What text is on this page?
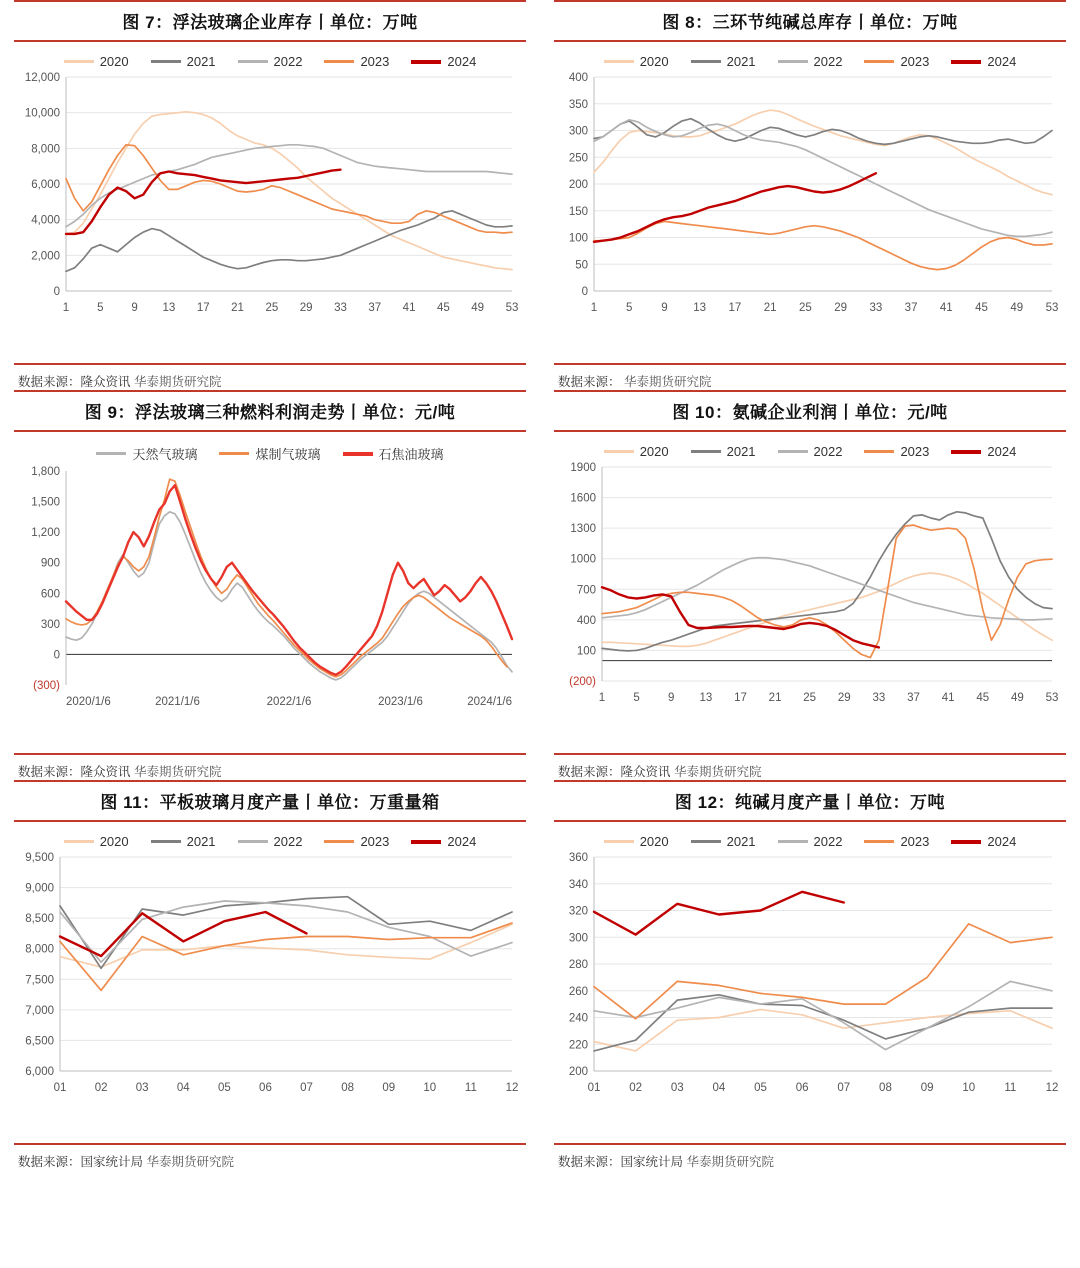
图 7：浮法玻璃企业库存丨单位：万吨
2020	2021	2022	2023	2024
0
2,000
4,000
6,000
8,000
10,000
12,000
1 5 9 13 17 21 25 29 33 37 41 45 49 53
数据来源：隆众资讯 华泰期货研究院
图 8：三环节纯碱总库存丨单位：万吨
2020	2021	2022	2023	2024
0
50
100
150
200
250
300
350
400
1	5	9 13 17 21 25 29 33 37 41 45 49 53
数据来源： 华泰期货研究院
图 9：浮法玻璃三种燃料利润走势丨单位：元/吨
天然气玻璃	煤制气玻璃	石焦油玻璃
(300)
0
300
600
900
1,200
1,500
1,800
2020/1/6	2021/1/6	2022/1/6	2023/1/6	2024/1/6
数据来源：隆众资讯 华泰期货研究院
图 10：氨碱企业利润丨单位：元/吨
2020	2021	2022	2023	2024
(200)
100
400
700
1000
1300
1600
1900
1 5 9 13 17 21 25 29 33 37 41 45 49 53
数据来源：隆众资讯 华泰期货研究院
图 11：平板玻璃月度产量丨单位：万重量箱
2020	2021	2022	2023	2024
6,000
6,500
7,000
7,500
8,000
8,500
9,000
9,500
01 02 03 04 05 06 07 08 09 10 11 12
数据来源：国家统计局 华泰期货研究院
图 12：纯碱月度产量丨单位：万吨
2020	2021	2022	2023	2024
200
220
240
260
280
300
320
340
360
01	02	03	04	05	06	07	08	09	10	11	12
数据来源：国家统计局 华泰期货研究院
